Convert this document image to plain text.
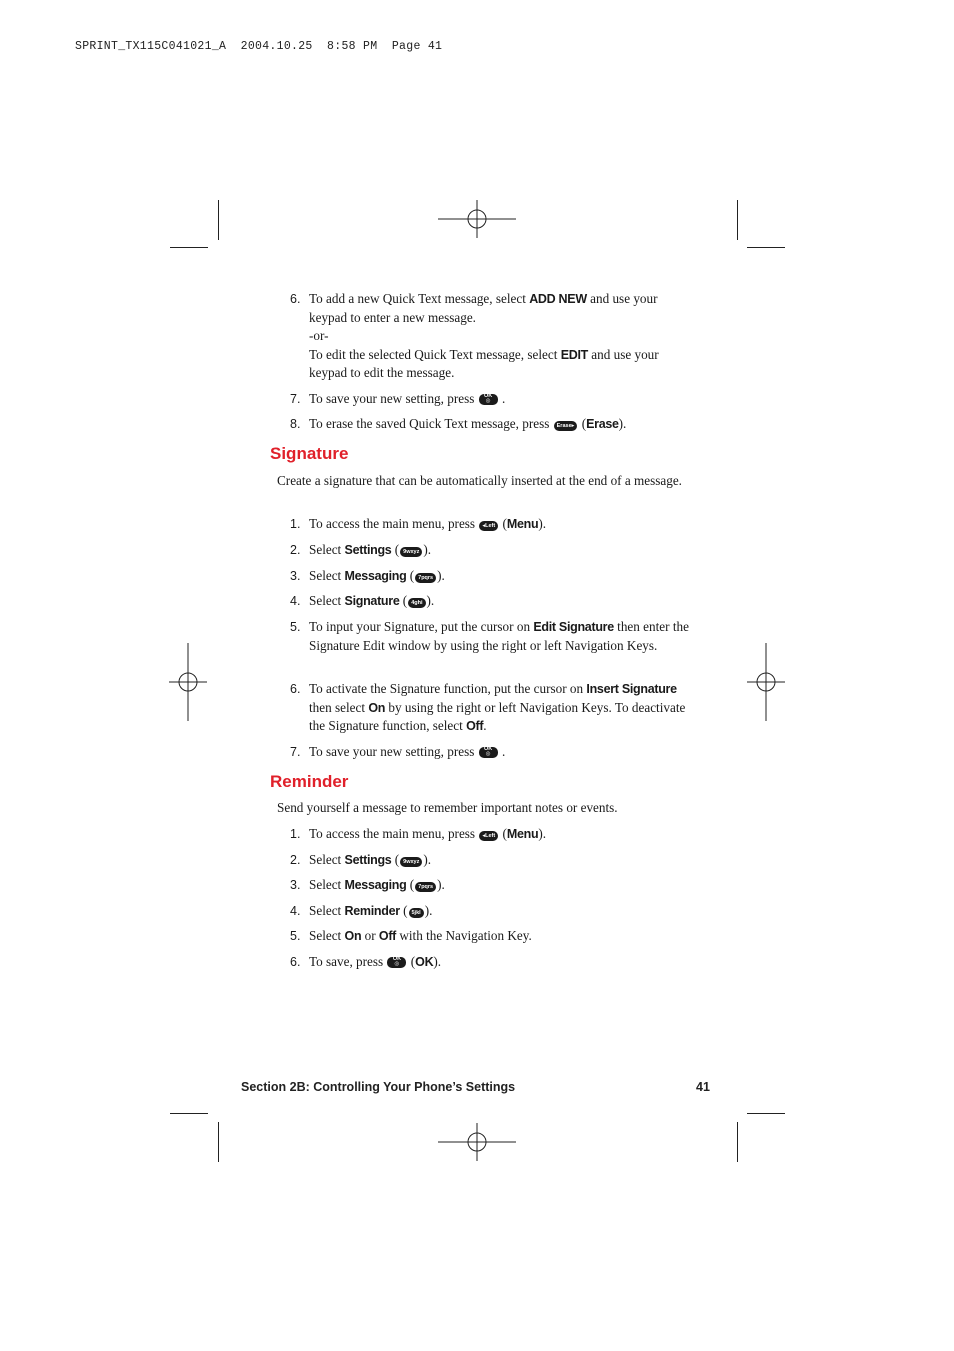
SPRINT_TX115C041021_A  2004.10.25  8:58 PM  Page 41
6. To add a new Quick Text message, select ADD NEW and use your keypad to enter a new message.
-or-
To edit the selected Quick Text message, select EDIT and use your keypad to edit the message.
7. To save your new setting, press OK
◎ .
8. To erase the saved Quick Text message, press Erase▸ (Erase).
Signature
Create a signature that can be automatically inserted at the end of a message.
1. To access the main menu, press ◂Left (Menu).
2. Select Settings ( 9wxyz ).
3. Select Messaging ( 7pqrs ).
4. Select Signature ( 4ghi ).
5. To input your Signature, put the cursor on Edit Signature then enter the Signature Edit window by using the right or left Navigation Keys.
6. To activate the Signature function, put the cursor on Insert Signature then select On by using the right or left Navigation Keys. To deactivate the Signature function, select Off.
7. To save your new setting, press OK
◎ .
Reminder
Send yourself a message to remember important notes or events.
1. To access the main menu, press ◂Left (Menu).
2. Select Settings ( 9wxyz ).
3. Select Messaging ( 7pqrs ).
4. Select Reminder ( 5jkl ).
5. Select On or Off with the Navigation Key.
6. To save, press OK
◎ (OK).
Section 2B: Controlling Your Phone’s Settings	41
